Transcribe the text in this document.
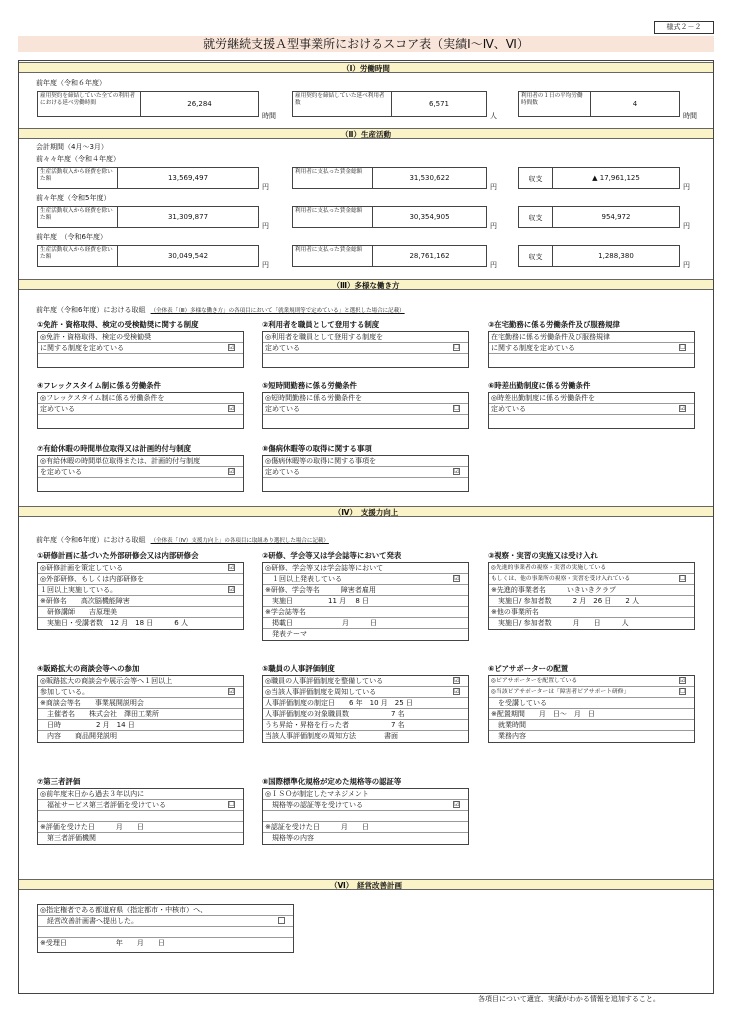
様式２－２
就労継続支援Ａ型事業所におけるスコア表（実績Ⅰ～Ⅳ、Ⅵ）
（Ⅰ）労働時間
前年度（令和６年度）
雇用契約を締結していた全ての利用者における延べ労働時間	26,284
時間
雇用契約を締結していた延べ利用者数	6,571
人
利用者の１日の平均労働時間数	4
時間
（Ⅱ）生産活動
会計期間（4月～3月）
前々々年度（令和４年度）
生産活動収入から経費を除いた額	13,569,497
円
利用者に支払った賃金総額
31,530,622
円
収支	▲ 17,961,125
円
前々年度（令和5年度）
生産活動収入から経費を除いた額	31,309,877
円
利用者に支払った賃金総額
30,354,905
円
収支	954,972
円
前年度　（令和6年度）
生産活動収入から経費を除いた額	30,049,542
円
利用者に支払った賃金総額
28,761,162
円
収支	1,288,380
円
（Ⅲ）多様な働き方
前年度（令和6年度）における取組 （全体表「（Ⅲ）多様な働き方」の各項目において「就業規則等で定めている」と選択した場合に記載）
①免許・資格取得、検定の受検勧奨に関する制度
◎免許・資格取得、検定の受検勧奨
に関する制度を定めている	☑
②利用者を職員として登用する制度
◎利用者を職員として登用する制度を
定めている	☐
③在宅勤務に係る労働条件及び服務規律
在宅勤務に係る労働条件及び服務規律
に関する制度を定めている	☐
④フレックスタイム制に係る労働条件
◎フレックスタイム制に係る労働条件を
定めている	☑
⑤短時間勤務に係る労働条件
◎短時間勤務に係る労働条件を
定めている	☐
⑥時差出勤制度に係る労働条件
◎時差出勤制度に係る労働条件を
定めている	☑
⑦有給休暇の時間単位取得又は計画的付与制度
◎有給休暇の時間単位取得または、計画的付与制度
を定めている	☑
⑧傷病休暇等の取得に関する事項
◎傷病休暇等の取得に関する事項を
定めている	☑
（Ⅳ）　支援力向上
前年度（令和6年度）における取組 （全体表「（Ⅳ）支援力向上」の各項目に取組あり選択した場合に記載）
①研修計画に基づいた外部研修会又は内部研修会
◎研修計画を策定している	☑
◎外部研修、もしくは内部研修を
１回以上実施している。	☑
※研修名　　高次脳機能障害
　研修講師　　吉原理美
　実施日・受講者数　12 月　18 日　　　6 人
②研修、学会等又は学会誌等において発表
◎研修、学会等又は学会誌等において
　１回以上発表している	☑
※研修、学会等名　　　障害者雇用
　実施日　　　　　11 月　 8 日
※学会誌等名
　掲載日　　　　　　　月　　　日
　発表テーマ
③視察・実習の実施又は受け入れ
◎先進的事業者の視察・実習の実施している
もしくは、他の事業所の視察・実習を受け入れている	☐
※先進的事業者名　　　いきいきクラブ
　実施日/ 参加者数　　　2 月　26 日　　2 人
※他の事業所名
　実施日/ 参加者数　　　月　　日　　　人
④販路拡大の商談会等への参加
◎販路拡大の商談会や展示会等へ１回以上
参加している。	☑
※商談会等名　　事業展開説明会
　主催者名　　株式会社　澤田工業所
　日時　　　　　2 月　14 日
　内容　　商品開発説明
⑤職員の人事評価制度
◎職員の人事評価制度を整備している	☑
◎当該人事評価制度を周知している	☑
人事評価制度の制定日　　6 年　10 月　25 日
人事評価制度の対象職員数　　　　　　7 名
うち昇給・昇格を行った者　　　　　　7 名
当該人事評価制度の周知方法　　　　書面
⑥ピアサポーターの配置
◎ピアサポーターを配置している	☑
◎当該ピアサポーターは「障害者ピアサポート研修」	☐
　を受講している
※配置期間　　月　日～　月　日
　就業時間
　業務内容
⑦第三者評価
◎前年度末日から過去３年以内に
　福祉サービス第三者評価を受けている	☐
※評価を受けた日　　　月　　日
　第三者評価機関
⑧国際標準化規格が定めた規格等の認証等
◎ＩＳＯが制定したマネジメント
　規格等の認証等を受けている	☑
※認証を受けた日　　　月　　日
　規格等の内容
（Ⅵ）　経営改善計画
◎指定権者である都道府県（指定都市・中核市）へ、
　経営改善計画書へ提出した。
※受理日　　　　　　　年　　月　　日
各項目について適宜、実績がわかる情報を追加すること。
